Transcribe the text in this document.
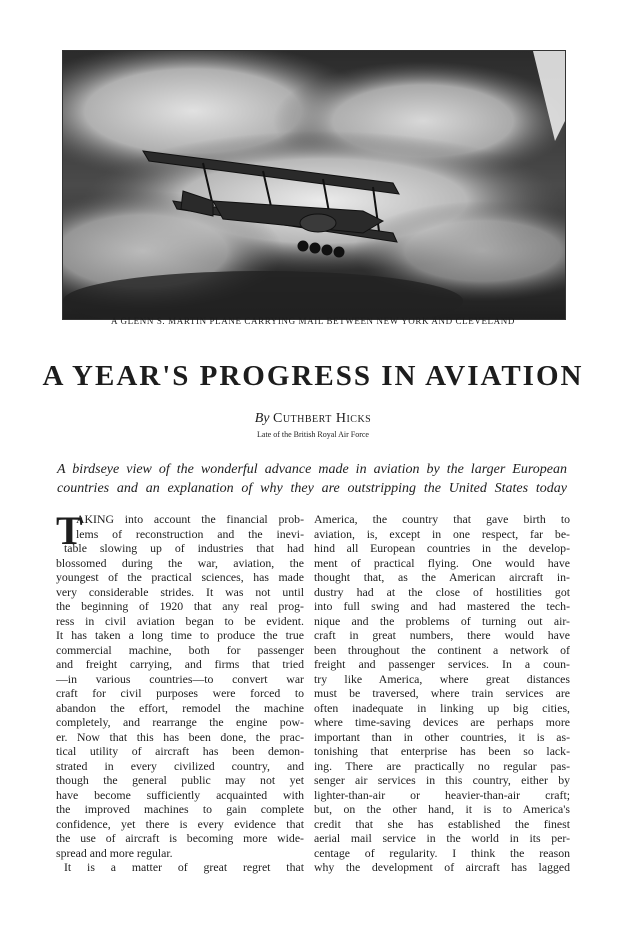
A GLENN S. MARTIN PLANE CARRYING MAIL BETWEEN NEW YORK AND CLEVELAND
A YEAR'S PROGRESS IN AVIATION
By Cuthbert Hicks
Late of the British Royal Air Force
A birdseye view of the wonderful advance made in aviation by the larger European
countries and an explanation of why they are outstripping the United States today
T
AKING into account the financial prob-
lems of reconstruction and the inevi-
table slowing up of industries that had
blossomed during the war, aviation, the
youngest of the practical sciences, has made
very considerable strides. It was not until
the beginning of 1920 that any real prog-
ress in civil aviation began to be evident.
It has taken a long time to produce the true
commercial machine, both for passenger
and freight carrying, and firms that tried
—in various countries—to convert war
craft for civil purposes were forced to
abandon the effort, remodel the machine
completely, and rearrange the engine pow-
er. Now that this has been done, the prac-
tical utility of aircraft has been demon-
strated in every civilized country, and
though the general public may not yet
have become sufficiently acquainted with
the improved machines to gain complete
confidence, yet there is every evidence that
the use of aircraft is becoming more wide-
spread and more regular.
It is a matter of great regret that
America, the country that gave birth to
aviation, is, except in one respect, far be-
hind all European countries in the develop-
ment of practical flying. One would have
thought that, as the American aircraft in-
dustry had at the close of hostilities got
into full swing and had mastered the tech-
nique and the problems of turning out air-
craft in great numbers, there would have
been throughout the continent a network of
freight and passenger services. In a coun-
try like America, where great distances
must be traversed, where train services are
often inadequate in linking up big cities,
where time-saving devices are perhaps more
important than in other countries, it is as-
tonishing that enterprise has been so lack-
ing. There are practically no regular pas-
senger air services in this country, either by
lighter-than-air or heavier-than-air craft;
but, on the other hand, it is to America's
credit that she has established the finest
aerial mail service in the world in its per-
centage of regularity. I think the reason
why the development of aircraft has lagged
